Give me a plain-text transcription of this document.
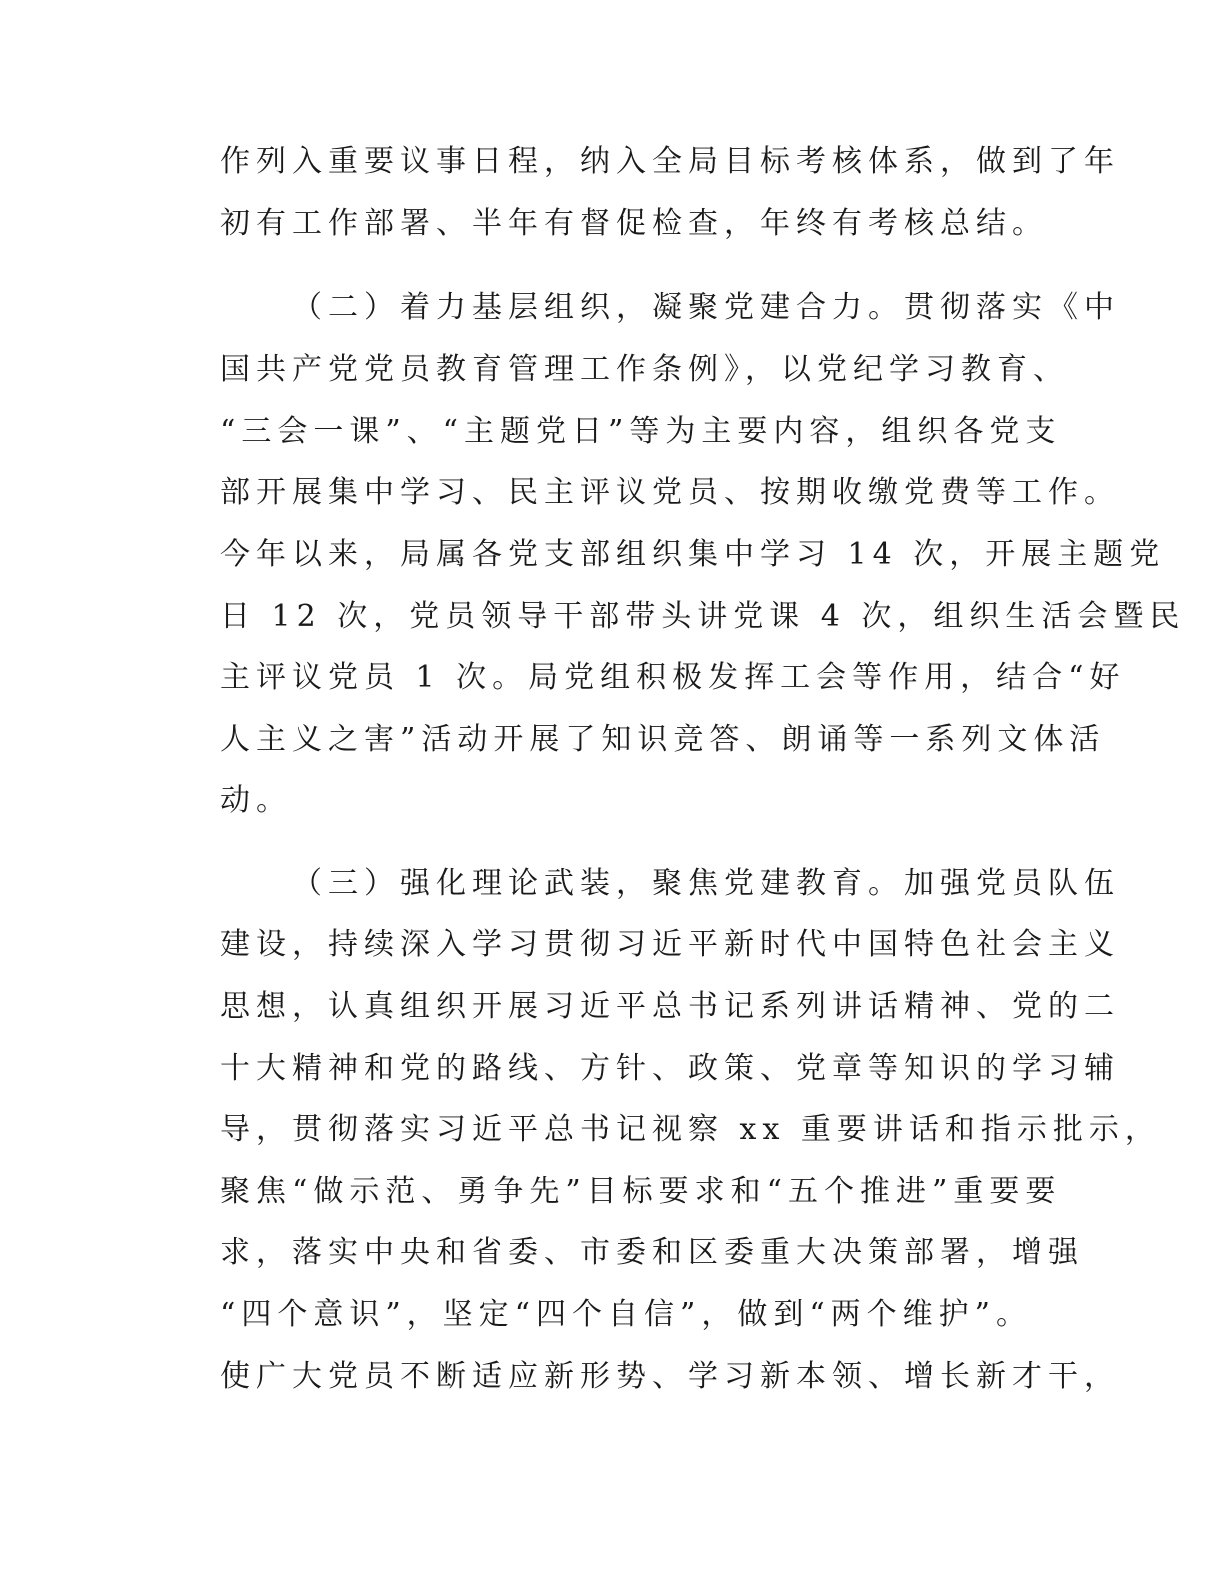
作列入重要议事日程，纳入全局目标考核体系，做到了年
初有工作部署、半年有督促检查，年终有考核总结。
（二）着力基层组织，凝聚党建合力。贯彻落实《中
国共产党党员教育管理工作条例》，以党纪学习教育、
“三会一课”、“主题党日”等为主要内容，组织各党支
部开展集中学习、民主评议党员、按期收缴党费等工作。
今年以来，局属各党支部组织集中学习 14 次，开展主题党
日 12 次，党员领导干部带头讲党课 4 次，组织生活会暨民
主评议党员 1 次。局党组积极发挥工会等作用，结合“好
人主义之害”活动开展了知识竞答、朗诵等一系列文体活
动。
（三）强化理论武装，聚焦党建教育。加强党员队伍
建设，持续深入学习贯彻习近平新时代中国特色社会主义
思想，认真组织开展习近平总书记系列讲话精神、党的二
十大精神和党的路线、方针、政策、党章等知识的学习辅
导，贯彻落实习近平总书记视察 xx 重要讲话和指示批示，
聚焦“做示范、勇争先”目标要求和“五个推进”重要要
求，落实中央和省委、市委和区委重大决策部署，增强
“四个意识”，坚定“四个自信”，做到“两个维护”。
使广大党员不断适应新形势、学习新本领、增长新才干，
